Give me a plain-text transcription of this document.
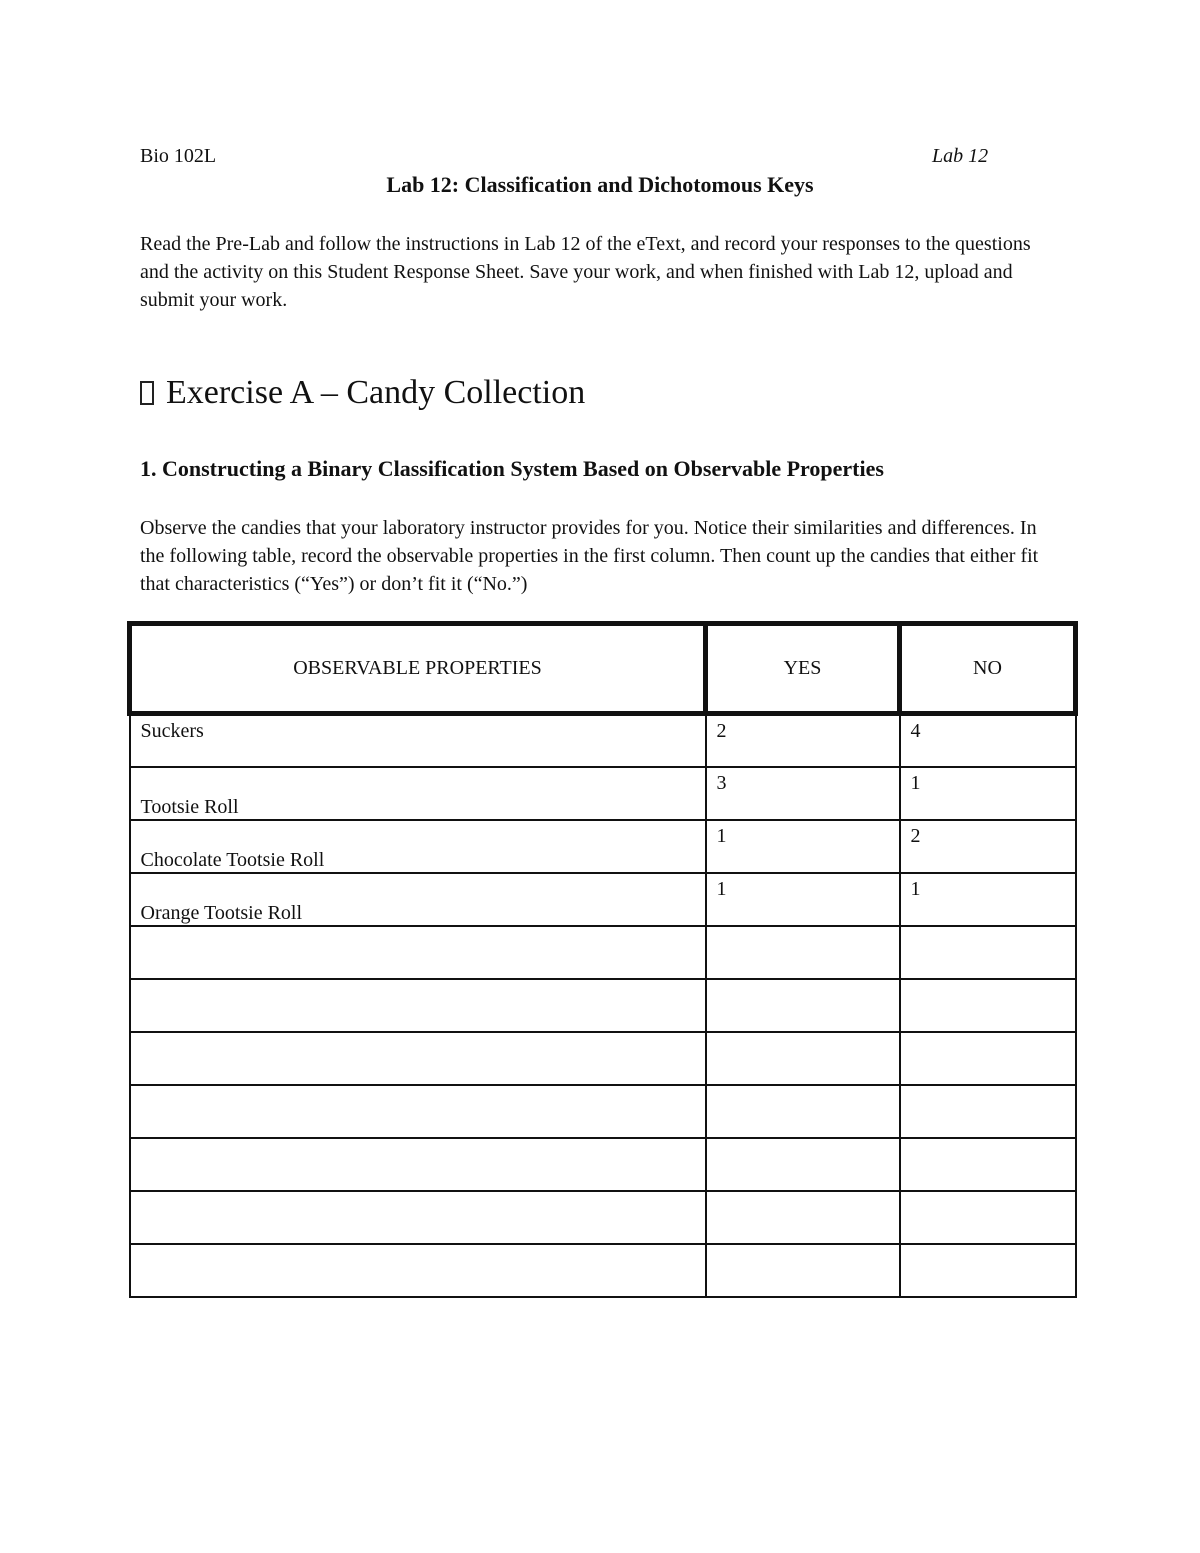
Bio 102L	Lab 12
Lab 12: Classification and Dichotomous Keys
Read the Pre-Lab and follow the instructions in Lab 12 of the eText, and record your responses to the questions and the activity on this Student Response Sheet. Save your work, and when finished with Lab 12, upload and submit your work.
Exercise A – Candy Collection
1. Constructing a Binary Classification System Based on Observable Properties
Observe the candies that your laboratory instructor provides for you. Notice their similarities and differences. In the following table, record the observable properties in the first column. Then count up the candies that either fit that characteristics (“Yes”) or don’t fit it (“No.”)
OBSERVABLE PROPERTIES	YES	NO
Suckers	2	4
Tootsie Roll	3	1
Chocolate Tootsie Roll	1	2
Orange Tootsie Roll	1	1
